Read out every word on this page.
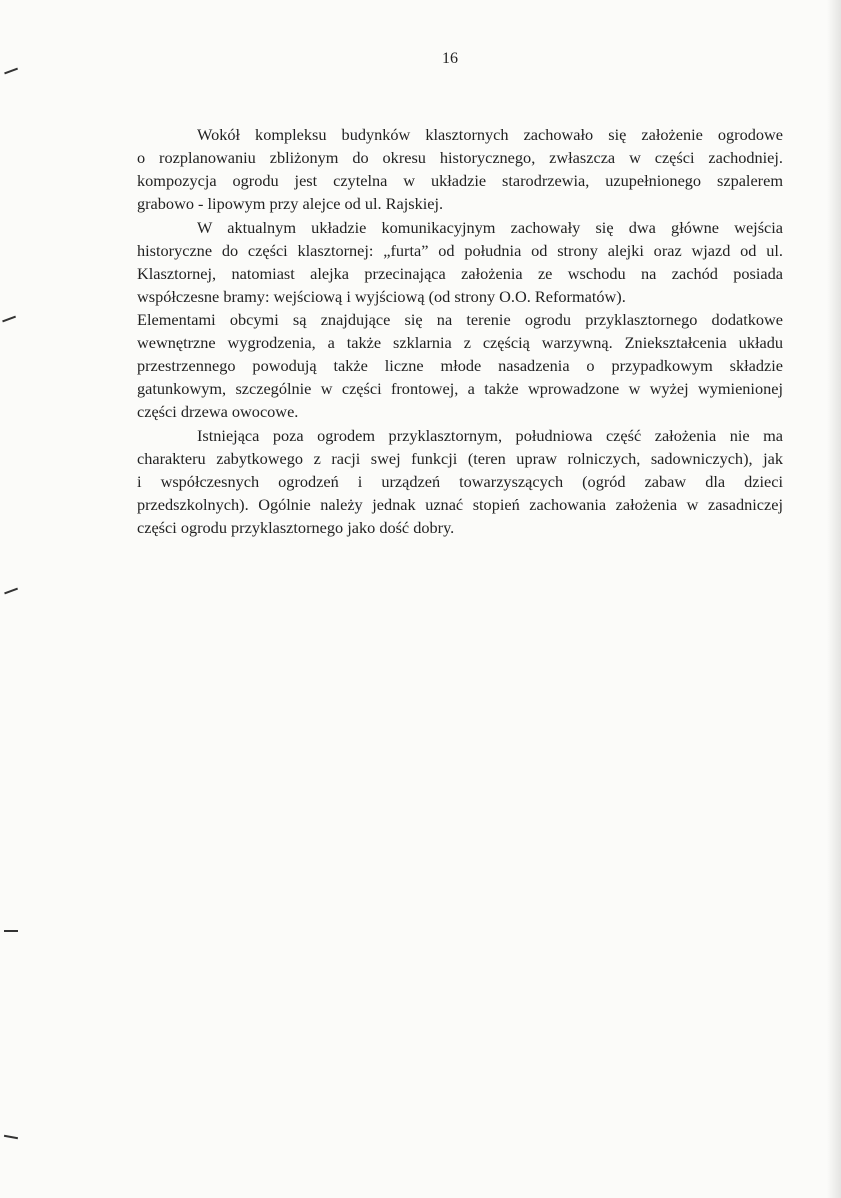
16
Wokół kompleksu budynków klasztornych zachowało się założenie ogrodowe
o rozplanowaniu zbliżonym do okresu historycznego, zwłaszcza w części zachodniej.
kompozycja ogrodu jest czytelna w układzie starodrzewia, uzupełnionego szpalerem
grabowo - lipowym przy alejce od ul. Rajskiej.
W aktualnym układzie komunikacyjnym zachowały się dwa główne wejścia
historyczne do części klasztornej: „furta” od południa od strony alejki oraz wjazd od ul.
Klasztornej, natomiast alejka przecinająca założenia ze wschodu na zachód posiada
współczesne bramy: wejściową i wyjściową (od strony O.O. Reformatów).
Elementami obcymi są znajdujące się na terenie ogrodu przyklasztornego dodatkowe
wewnętrzne wygrodzenia, a także szklarnia z częścią warzywną. Zniekształcenia układu
przestrzennego powodują także liczne młode nasadzenia o przypadkowym składzie
gatunkowym, szczególnie w części frontowej, a także wprowadzone w wyżej wymienionej
części drzewa owocowe.
Istniejąca poza ogrodem przyklasztornym, południowa część założenia nie ma
charakteru zabytkowego z racji swej funkcji (teren upraw rolniczych, sadowniczych), jak
i współczesnych ogrodzeń i urządzeń towarzyszących (ogród zabaw dla dzieci
przedszkolnych). Ogólnie należy jednak uznać stopień zachowania założenia w zasadniczej
części ogrodu przyklasztornego jako dość dobry.
